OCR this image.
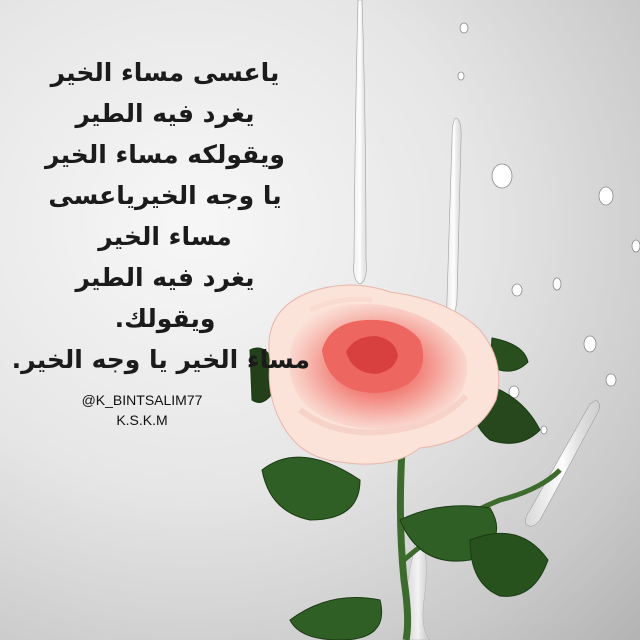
ياعسى مساء الخير
يغرد فيه الطير
ويقولكه مساء الخير
يا وجه الخيرياعسى
مساء الخير
يغرد فيه الطير
ويقولك.
مساء الخير يا وجه الخير.
@K_BINTSALIM77
K.S.K.M
